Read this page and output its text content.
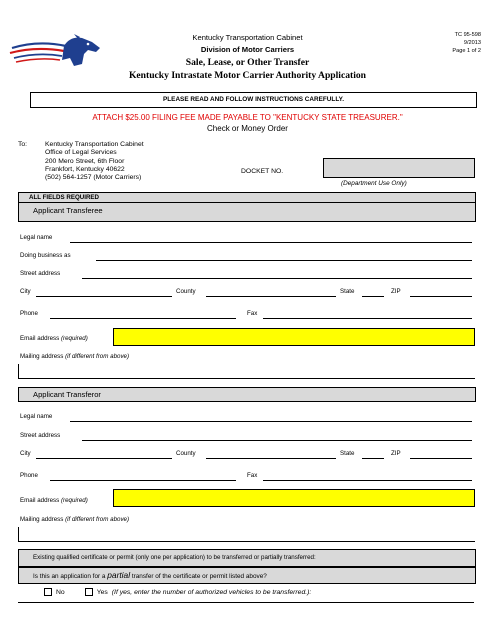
Kentucky Transportation Cabinet
Division of Motor Carriers
Sale, Lease, or Other Transfer
Kentucky Intrastate Motor Carrier Authority Application
TC 95-598
9/2013
Page 1 of 2
PLEASE READ AND FOLLOW INSTRUCTIONS CAREFULLY.
ATTACH $25.00 FILING FEE MADE PAYABLE TO "KENTUCKY STATE TREASURER."
Check or Money Order
To:	Kentucky Transportation Cabinet
Office of Legal Services
200 Mero Street, 6th Floor
Frankfort, Kentucky 40622
(502) 564-1257 (Motor Carriers)
DOCKET NO.
(Department Use Only)
ALL FIELDS REQUIRED
Applicant Transferee
Legal name
Doing business as
Street address
City	County	State	ZIP
Phone	Fax
Email address (required)
Mailing address (if different from above)
Applicant Transferor
Legal name
Street address
City	County	State	ZIP
Phone	Fax
Email address (required)
Mailing address (if different from above)
Existing qualified certificate or permit (only one per application) to be transferred or partially transferred:
Is this an application for a partial transfer of the certificate or permit listed above?
No	Yes (If yes, enter the number of authorized vehicles to be transferred.):
